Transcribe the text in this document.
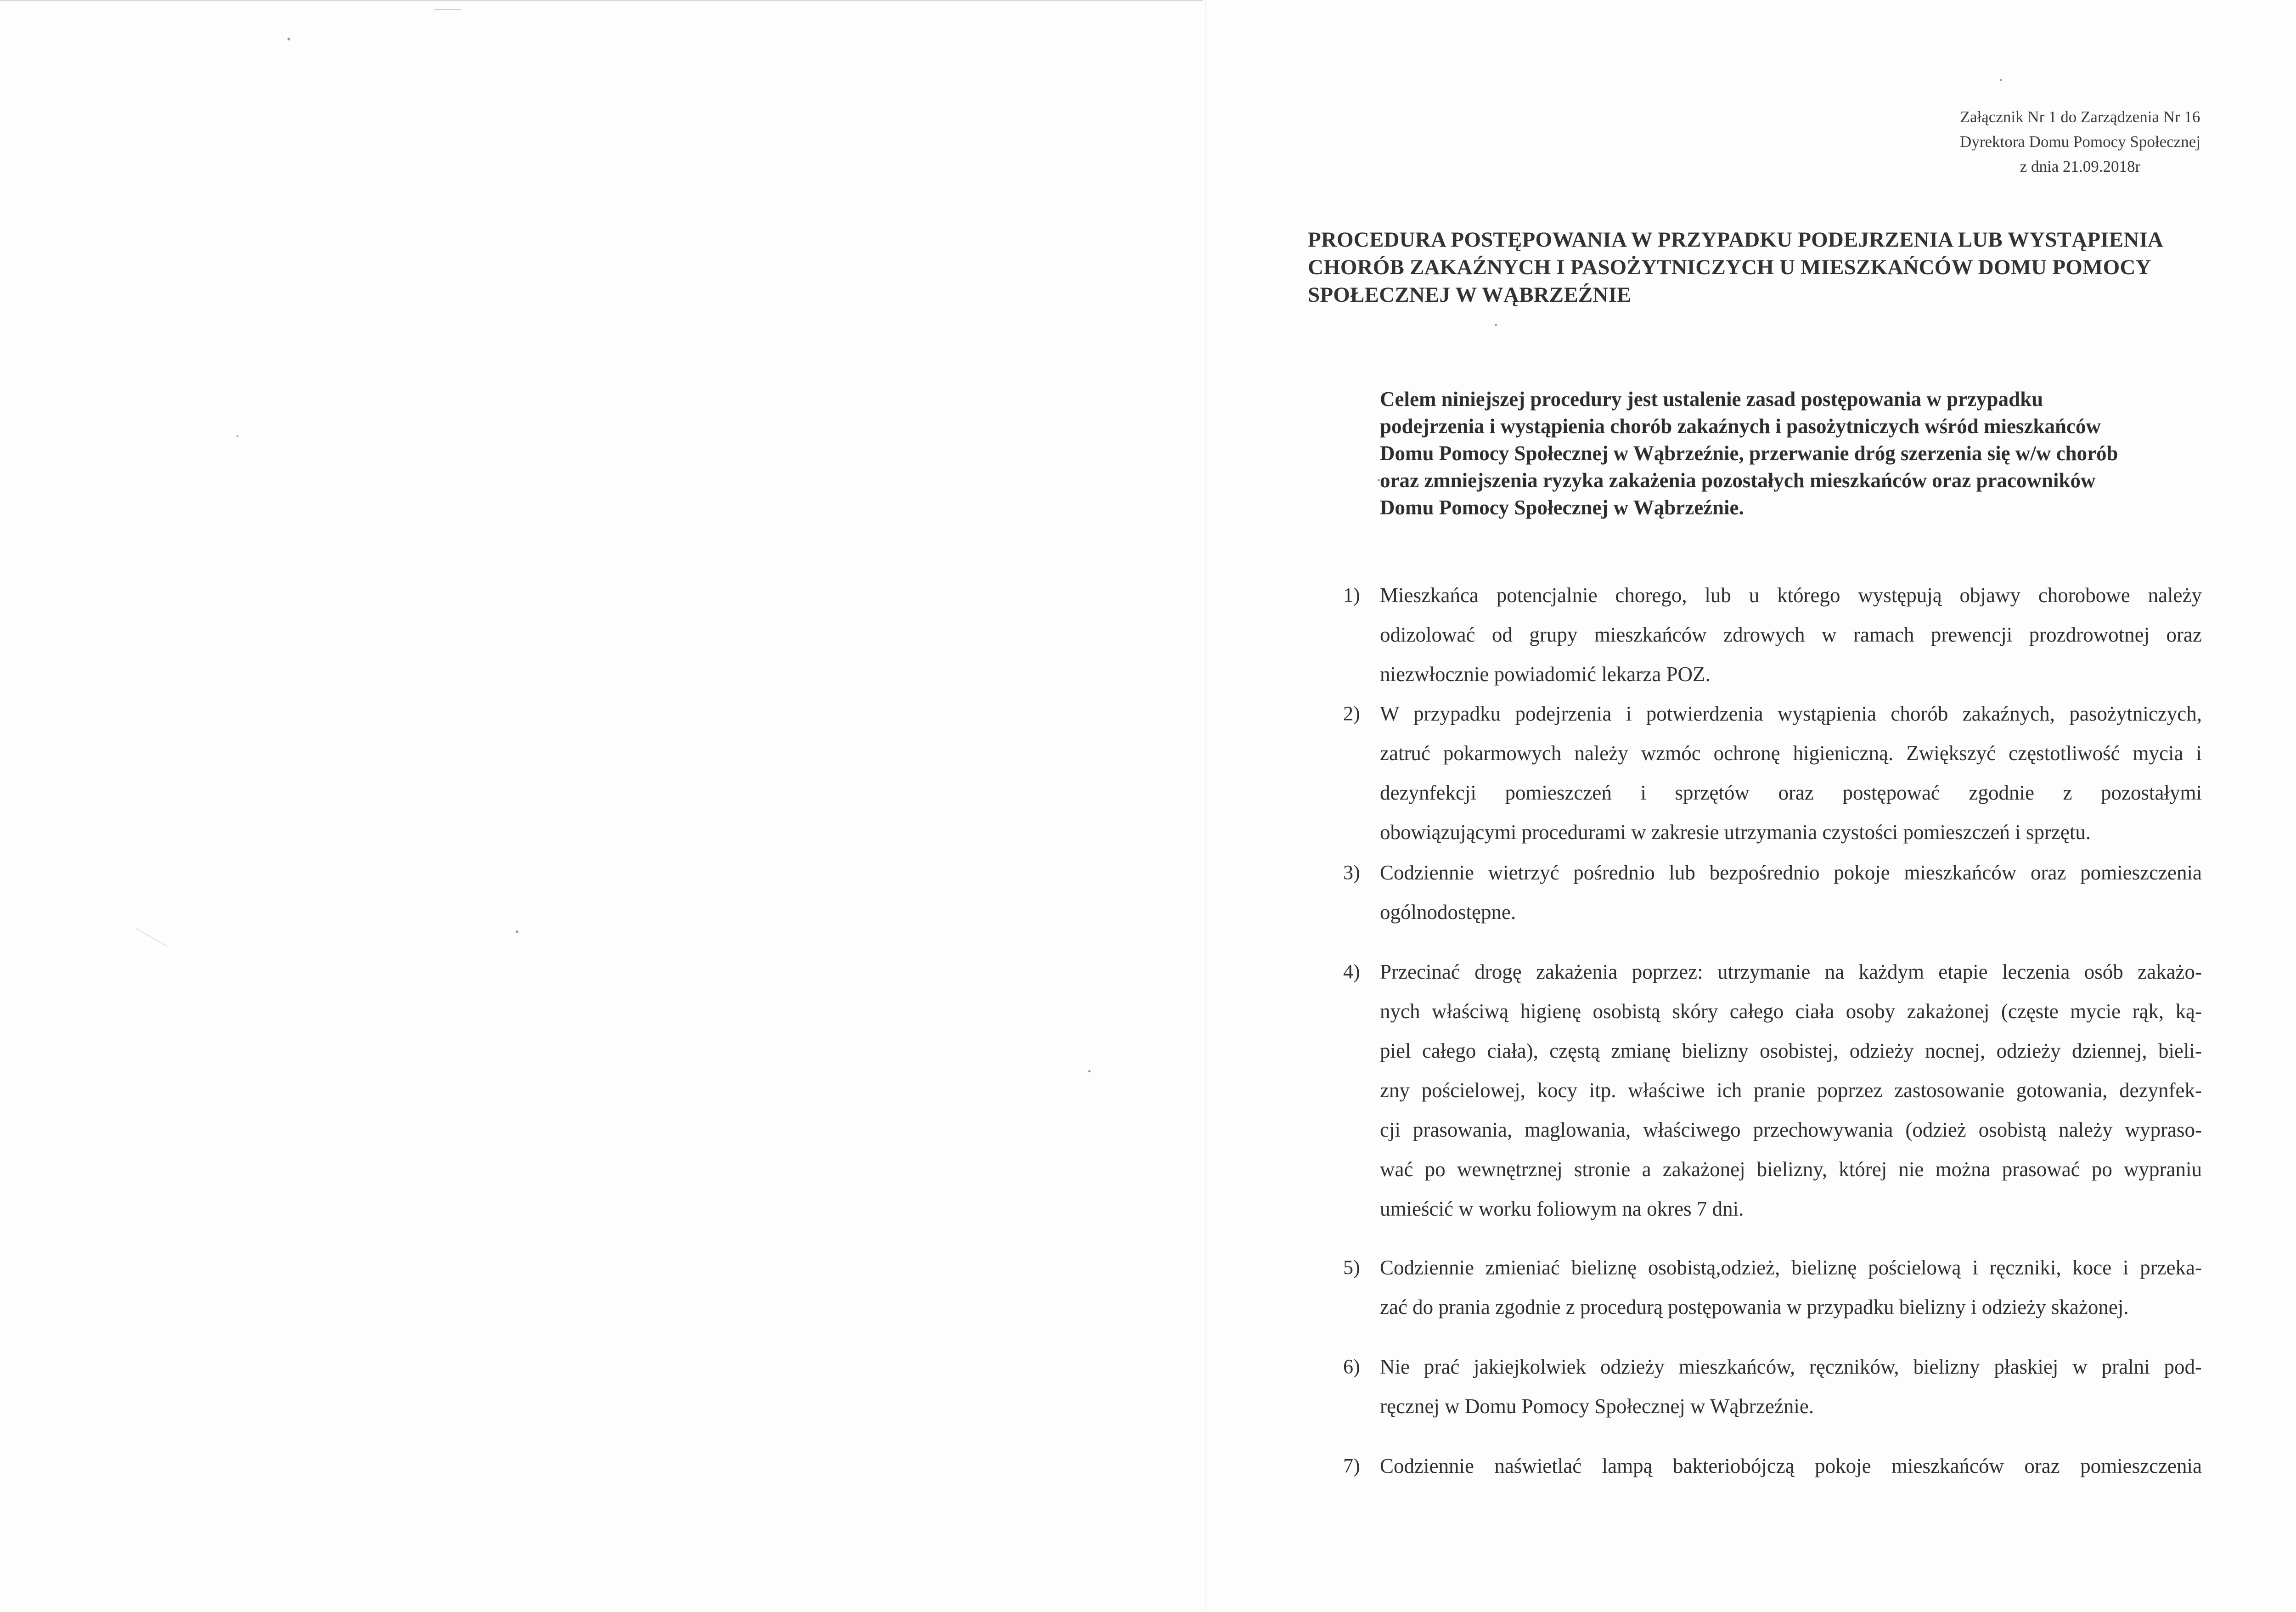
Załącznik Nr 1 do Zarządzenia Nr 16
Dyrektora Domu Pomocy Społecznej
z dnia 21.09.2018r
PROCEDURA POSTĘPOWANIA W PRZYPADKU PODEJRZENIA LUB WYSTĄPIENIA
CHORÓB ZAKAŹNYCH I PASOŻYTNICZYCH U MIESZKAŃCÓW DOMU POMOCY
SPOŁECZNEJ W WĄBRZEŹNIE
Celem niniejszej procedury jest ustalenie zasad postępowania w przypadku
podejrzenia i wystąpienia chorób zakaźnych i pasożytniczych wśród mieszkańców
Domu Pomocy Społecznej w Wąbrzeźnie, przerwanie dróg szerzenia się w/w chorób
oraz zmniejszenia ryzyka zakażenia pozostałych mieszkańców oraz pracowników
Domu Pomocy Społecznej w Wąbrzeźnie.
1) Mieszkańca potencjalnie chorego, lub u którego występują objawy chorobowe należy
odizolować od grupy mieszkańców zdrowych w ramach prewencji prozdrowotnej oraz
niezwłocznie powiadomić lekarza POZ.
2) W przypadku podejrzenia i potwierdzenia wystąpienia chorób zakaźnych, pasożytniczych,
zatruć pokarmowych należy wzmóc ochronę higieniczną. Zwiększyć częstotliwość mycia i
dezynfekcji pomieszczeń i sprzętów oraz postępować zgodnie z pozostałymi
obowiązującymi procedurami w zakresie utrzymania czystości pomieszczeń i sprzętu.
3) Codziennie wietrzyć pośrednio lub bezpośrednio pokoje mieszkańców oraz pomieszczenia
ogólnodostępne.
4) Przecinać drogę zakażenia poprzez: utrzymanie na każdym etapie leczenia osób zakażo-
nych właściwą higienę osobistą skóry całego ciała osoby zakażonej (częste mycie rąk, ką-
piel całego ciała), częstą zmianę bielizny osobistej, odzieży nocnej, odzieży dziennej, bieli-
zny pościelowej, kocy itp. właściwe ich pranie poprzez zastosowanie gotowania, dezynfek-
cji prasowania, maglowania, właściwego przechowywania (odzież osobistą należy wypraso-
wać po wewnętrznej stronie a zakażonej bielizny, której nie można prasować po wypraniu
umieścić w worku foliowym na okres 7 dni.
5) Codziennie zmieniać bieliznę osobistą,odzież, bieliznę pościelową i ręczniki, koce i przeka-
zać do prania zgodnie z procedurą postępowania w przypadku bielizny i odzieży skażonej.
6) Nie prać jakiejkolwiek odzieży mieszkańców, ręczników, bielizny płaskiej w pralni pod-
ręcznej w Domu Pomocy Społecznej w Wąbrzeźnie.
7) Codziennie naświetlać lampą bakteriobójczą pokoje mieszkańców oraz pomieszczenia
